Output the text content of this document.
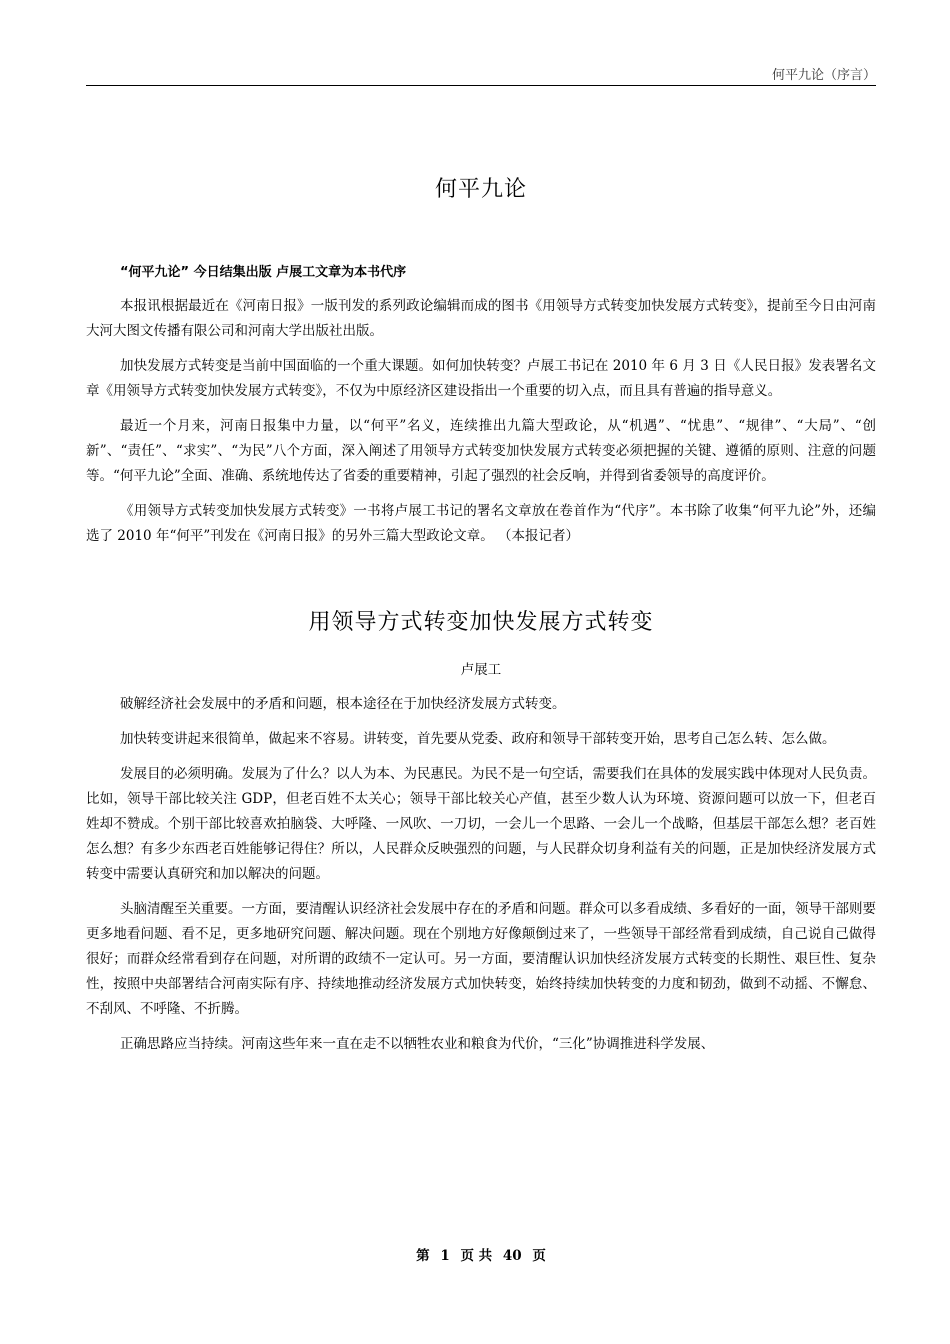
何平九论（序言）
何平九论
“何平九论” 今日结集出版 卢展工文章为本书代序

本报讯根据最近在《河南日报》一版刊发的系列政论编辑而成的图书《用领导方式转变加快发展方式转变》，提前至今日由河南大河大图文传播有限公司和河南大学出版社出版。

加快发展方式转变是当前中国面临的一个重大课题。如何加快转变？卢展工书记在 2010 年 6 月 3 日《人民日报》发表署名文章《用领导方式转变加快发展方式转变》，不仅为中原经济区建设指出一个重要的切入点，而且具有普遍的指导意义。

最近一个月来，河南日报集中力量，以“何平”名义，连续推出九篇大型政论，从“机遇”、“忧患”、“规律”、“大局”、“创新”、“责任”、“求实”、“为民”八个方面，深入阐述了用领导方式转变加快发展方式转变必须把握的关键、遵循的原则、注意的问题等。“何平九论”全面、准确、系统地传达了省委的重要精神，引起了强烈的社会反响，并得到省委领导的高度评价。

《用领导方式转变加快发展方式转变》一书将卢展工书记的署名文章放在卷首作为“代序”。本书除了收集“何平九论”外，还编选了 2010 年“何平”刊发在《河南日报》的另外三篇大型政论文章。 （本报记者）

用领导方式转变加快发展方式转变
卢展工

破解经济社会发展中的矛盾和问题，根本途径在于加快经济发展方式转变。

加快转变讲起来很简单，做起来不容易。讲转变，首先要从党委、政府和领导干部转变开始，思考自己怎么转、怎么做。

发展目的必须明确。发展为了什么？以人为本、为民惠民。为民不是一句空话，需要我们在具体的发展实践中体现对人民负责。比如，领导干部比较关注 GDP，但老百姓不太关心；领导干部比较关心产值，甚至少数人认为环境、资源问题可以放一下，但老百姓却不赞成。个别干部比较喜欢拍脑袋、大呼隆、一风吹、一刀切，一会儿一个思路、一会儿一个战略，但基层干部怎么想？老百姓怎么想？有多少东西老百姓能够记得住？所以，人民群众反映强烈的问题，与人民群众切身利益有关的问题，正是加快经济发展方式转变中需要认真研究和加以解决的问题。

头脑清醒至关重要。一方面，要清醒认识经济社会发展中存在的矛盾和问题。群众可以多看成绩、多看好的一面，领导干部则要更多地看问题、看不足，更多地研究问题、解决问题。现在个别地方好像颠倒过来了，一些领导干部经常看到成绩，自己说自己做得很好；而群众经常看到存在问题，对所谓的政绩不一定认可。另一方面，要清醒认识加快经济发展方式转变的长期性、艰巨性、复杂性，按照中央部署结合河南实际有序、持续地推动经济发展方式加快转变，始终持续加快转变的力度和韧劲，做到不动摇、不懈怠、不刮风、不呼隆、不折腾。

正确思路应当持续。河南这些年来一直在走不以牺牲农业和粮食为代价，“三化”协调推进科学发展、

第 1 页 共 40 页
